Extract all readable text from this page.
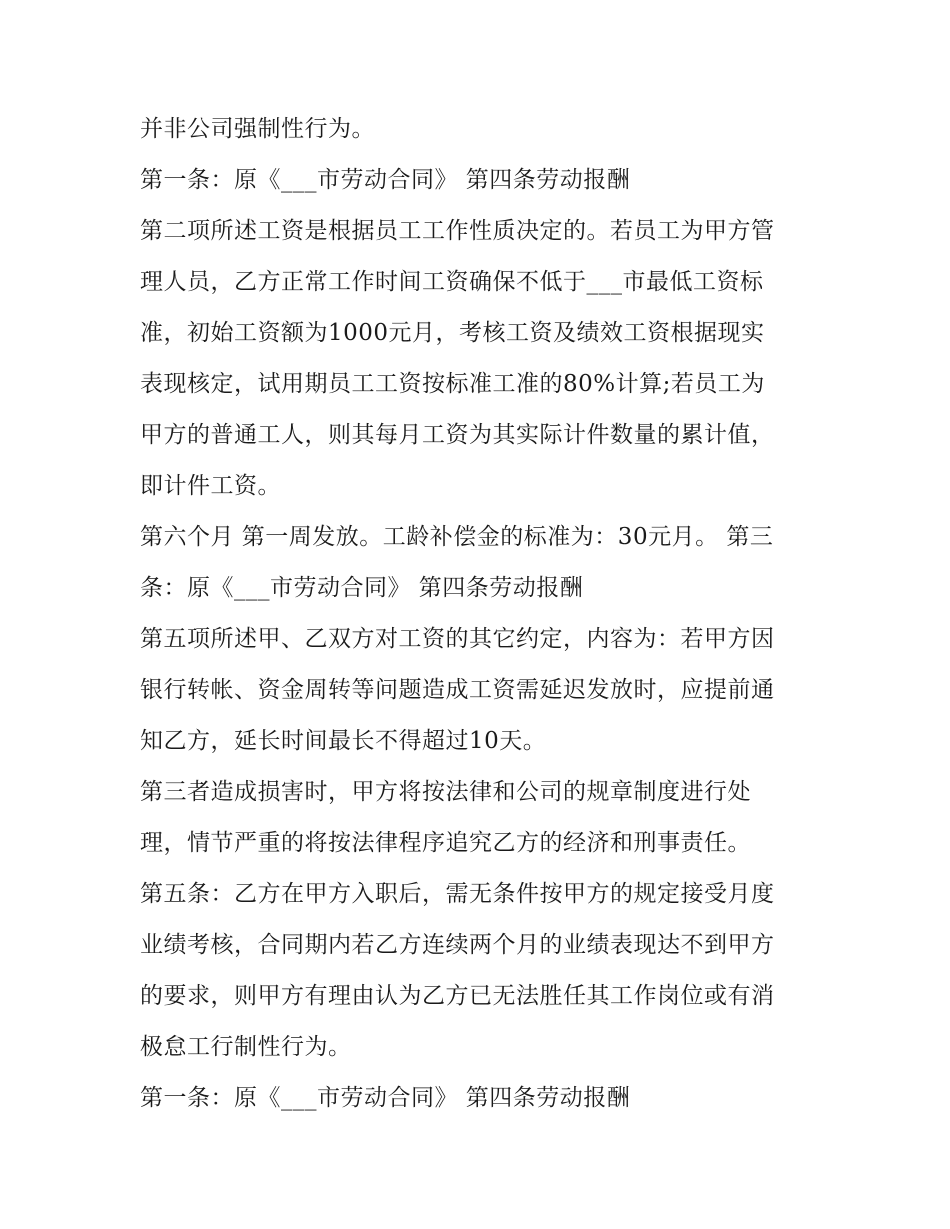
并非公司强制性行为。
第一条：原《___市劳动合同》 第四条劳动报酬
第二项所述工资是根据员工工作性质决定的。若员工为甲方管
理人员，乙方正常工作时间工资确保不低于___市最低工资标
准，初始工资额为1000元月，考核工资及绩效工资根据现实
表现核定，试用期员工工资按标准工准的80%计算;若员工为
甲方的普通工人，则其每月工资为其实际计件数量的累计值，
即计件工资。
第六个月 第一周发放。工龄补偿金的标准为：30元月。 第三
条：原《___市劳动合同》 第四条劳动报酬
第五项所述甲、乙双方对工资的其它约定，内容为：若甲方因
银行转帐、资金周转等问题造成工资需延迟发放时，应提前通
知乙方，延长时间最长不得超过10天。
第三者造成损害时，甲方将按法律和公司的规章制度进行处
理，情节严重的将按法律程序追究乙方的经济和刑事责任。
第五条：乙方在甲方入职后，需无条件按甲方的规定接受月度
业绩考核，合同期内若乙方连续两个月的业绩表现达不到甲方
的要求，则甲方有理由认为乙方已无法胜任其工作岗位或有消
极怠工行制性行为。
第一条：原《___市劳动合同》 第四条劳动报酬
